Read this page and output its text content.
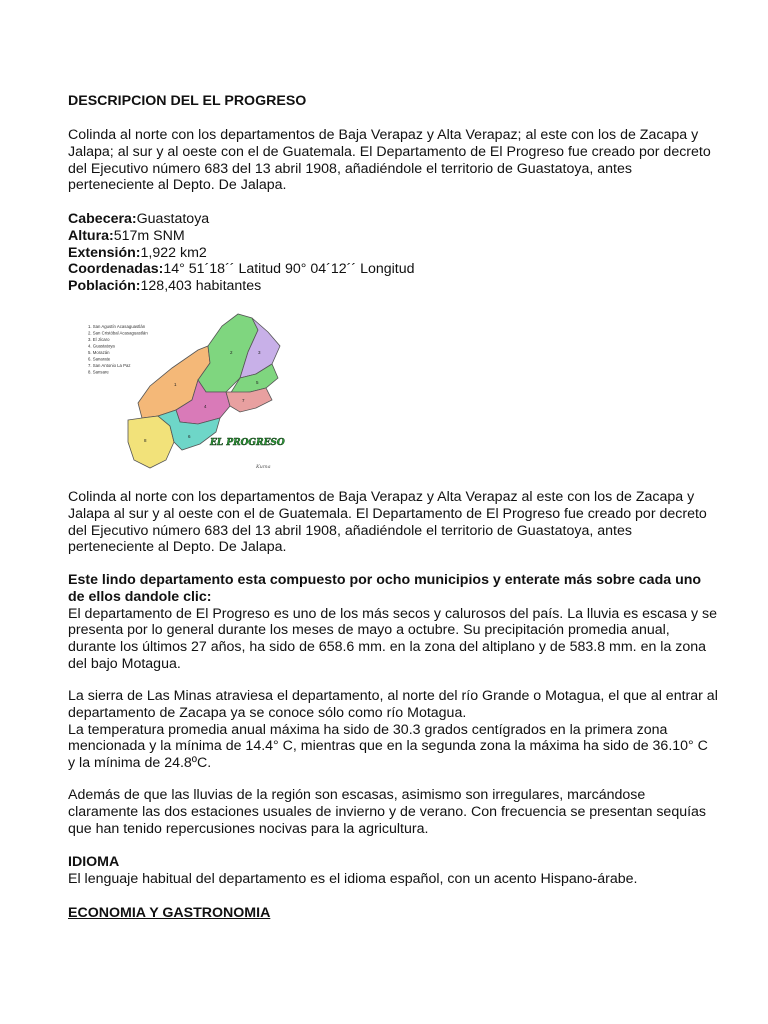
DESCRIPCION DEL EL PROGRESO

Colinda al norte con los departamentos de Baja Verapaz y Alta Verapaz; al este con los de Zacapa y

Jalapa; al sur y al oeste con el de Guatemala. El Departamento de El Progreso fue creado por decreto

del Ejecutivo número 683 del 13 abril 1908, añadiéndole el territorio de Guastatoya, antes

perteneciente al Depto. De Jalapa.

Cabecera:Guastatoya

Altura:517m SNM

Extensión:1,922 km2

Coordenadas:14° 51´18´´ Latitud 90° 04´12´´ Longitud

Población:128,403 habitantes

1. San Agustín Acasaguastlán
2. San Cristóbal Acasaguastlán
3. El Jícaro
4. Guastatoya
5. Morazán
6. Sanarate
7. San Antonio La Paz
8. Sansare
1
2	3
4
5
6
7
8	EL PROGRESO
Kuma

Colinda al norte con los departamentos de Baja Verapaz y Alta Verapaz al este con los de Zacapa y

Jalapa al sur y al oeste con el de Guatemala. El Departamento de El Progreso fue creado por decreto

del Ejecutivo número 683 del 13 abril 1908, añadiéndole el territorio de Guastatoya, antes

perteneciente al Depto. De Jalapa.

Este lindo departamento esta compuesto por ocho municipios y enterate más sobre cada uno

de ellos dandole clic:

El departamento de El Progreso es uno de los más secos y calurosos del país. La lluvia es escasa y se

presenta por lo general durante los meses de mayo a octubre. Su precipitación promedia anual,

durante los últimos 27 años, ha sido de 658.6 mm. en la zona del altiplano y de 583.8 mm. en la zona

del bajo Motagua.

La sierra de Las Minas atraviesa el departamento, al norte del río Grande o Motagua, el que al entrar al

departamento de Zacapa ya se conoce sólo como río Motagua.

La temperatura promedia anual máxima ha sido de 30.3 grados centígrados en la primera zona

mencionada y la mínima de 14.4° C, mientras que en la segunda zona la máxima ha sido de 36.10° C

y la mínima de 24.8ºC.

Además de que las lluvias de la región son escasas, asimismo son irregulares, marcándose

claramente las dos estaciones usuales de invierno y de verano. Con frecuencia se presentan sequías

que han tenido repercusiones nocivas para la agricultura.

IDIOMA

El lenguaje habitual del departamento es el idioma español, con un acento Hispano-árabe.

ECONOMIA Y GASTRONOMIA
